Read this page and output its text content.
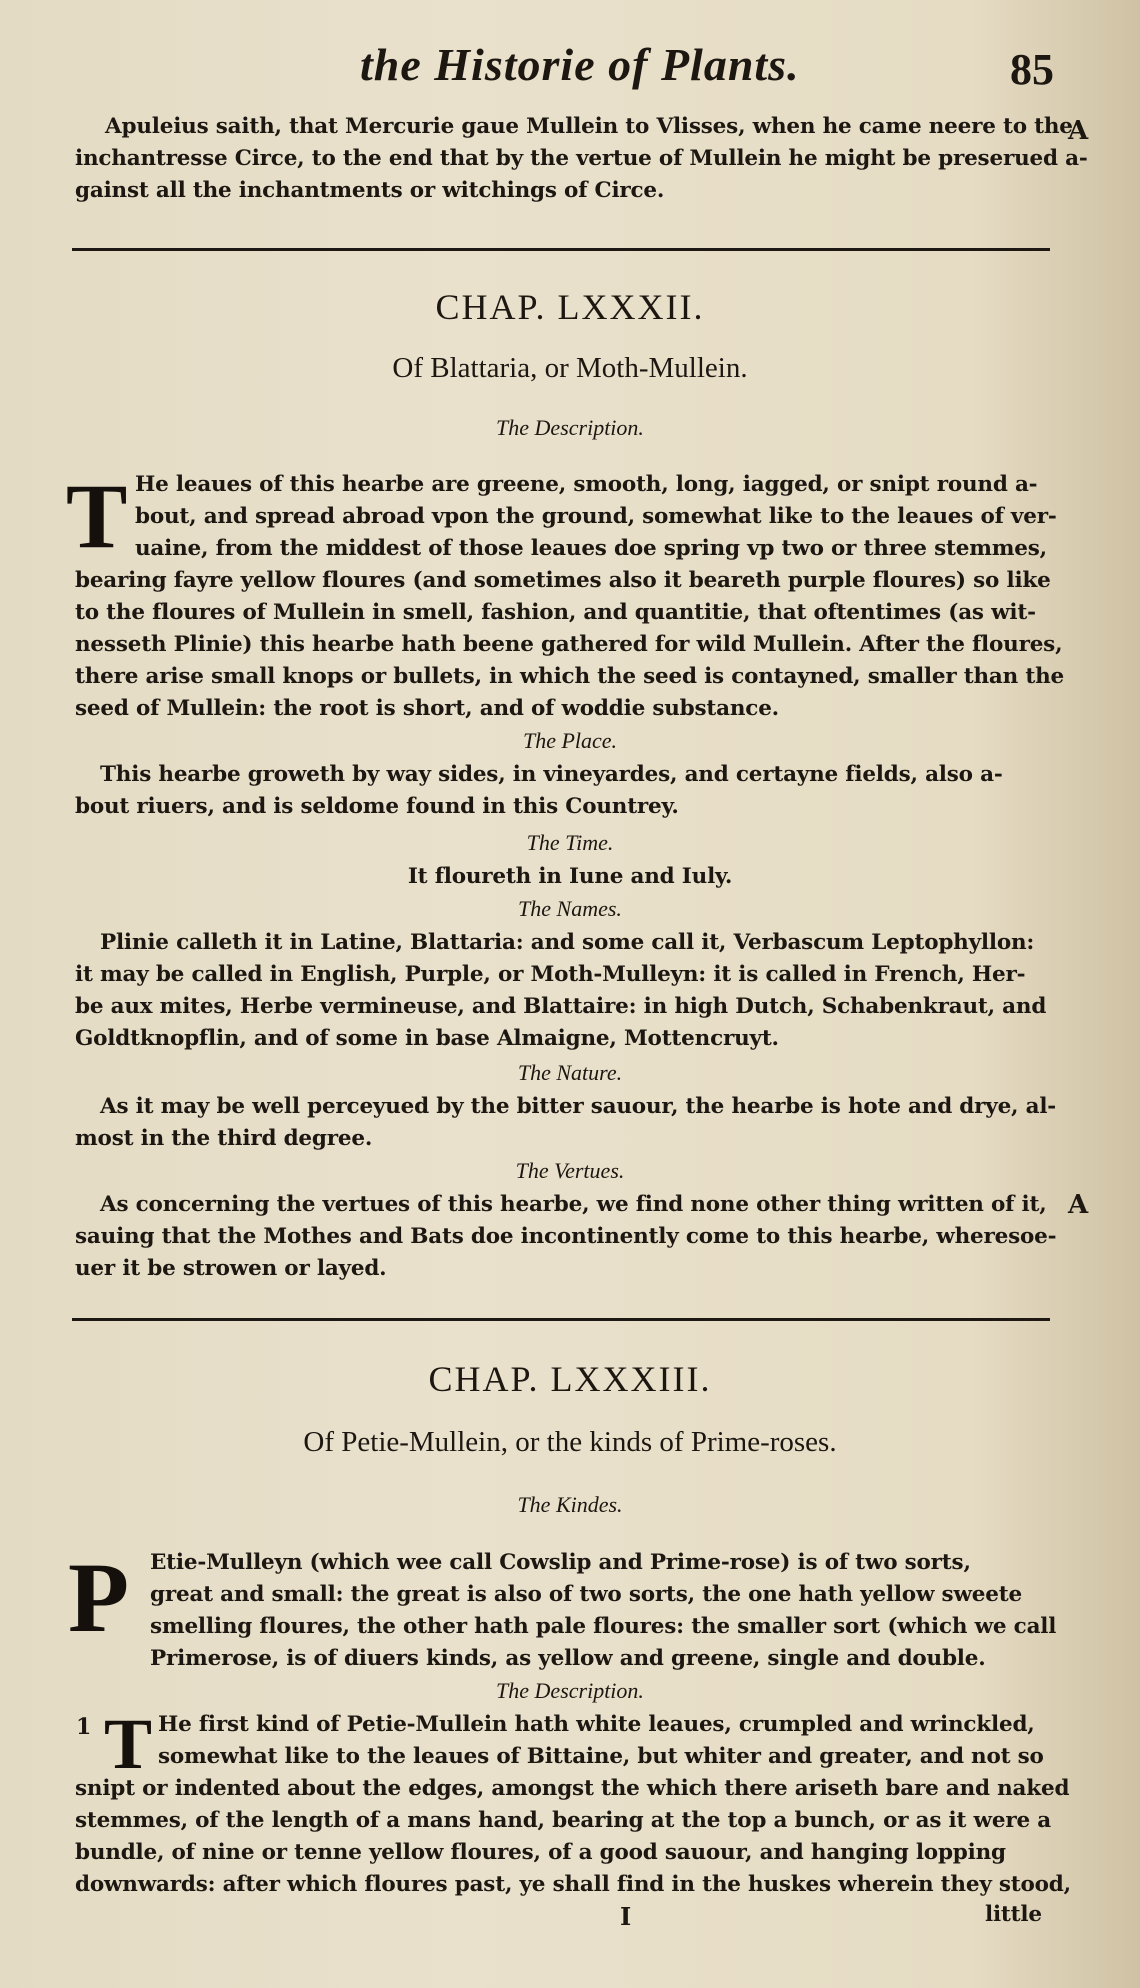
the Historie of Plants.	85
Apuleius saith, that Mercurie gaue Mullein to Vlisses, when he came neere to the
inchantresse Circe, to the end that by the vertue of Mullein he might be preserued a-
gainst all the inchantments or witchings of Circe.
A
CHAP. LXXXII.
Of Blattaria, or Moth-Mullein.
The Description.
T He leaues of this hearbe are greene, smooth, long, iagged, or snipt round a-
bout, and spread abroad vpon the ground, somewhat like to the leaues of ver-
uaine, from the middest of those leaues doe spring vp two or three stemmes,
bearing fayre yellow floures (and sometimes also it beareth purple floures) so like
to the floures of Mullein in smell, fashion, and quantitie, that oftentimes (as wit-
nesseth Plinie) this hearbe hath beene gathered for wild Mullein. After the floures,
there arise small knops or bullets, in which the seed is contayned, smaller than the
seed of Mullein: the root is short, and of woddie substance.
The Place.
This hearbe groweth by way sides, in vineyardes, and certayne fields, also a-
bout riuers, and is seldome found in this Countrey.
The Time.
It floureth in Iune and Iuly.
The Names.
Plinie calleth it in Latine, Blattaria: and some call it, Verbascum Leptophyllon:
it may be called in English, Purple, or Moth-Mulleyn: it is called in French, Her-
be aux mites, Herbe vermineuse, and Blattaire: in high Dutch, Schabenkraut, and
Goldtknopflin, and of some in base Almaigne, Mottencruyt.
The Nature.
As it may be well perceyued by the bitter sauour, the hearbe is hote and drye, al-
most in the third degree.
The Vertues.
As concerning the vertues of this hearbe, we find none other thing written of it,
sauing that the Mothes and Bats doe incontinently come to this hearbe, wheresoe-
uer it be strowen or layed.
A
CHAP. LXXXIII.
Of Petie-Mullein, or the kinds of Prime-roses.
The Kindes.
P Etie-Mulleyn (which wee call Cowslip and Prime-rose) is of two sorts,
great and small: the great is also of two sorts, the one hath yellow sweete
smelling floures, the other hath pale floures: the smaller sort (which we call
Primerose, is of diuers kinds, as yellow and greene, single and double.
The Description.
1 T He first kind of Petie-Mullein hath white leaues, crumpled and wrinckled,
somewhat like to the leaues of Bittaine, but whiter and greater, and not so
snipt or indented about the edges, amongst the which there ariseth bare and naked
stemmes, of the length of a mans hand, bearing at the top a bunch, or as it were a
bundle, of nine or tenne yellow floures, of a good sauour, and hanging lopping
downwards: after which floures past, ye shall find in the huskes wherein they stood,
I	little
